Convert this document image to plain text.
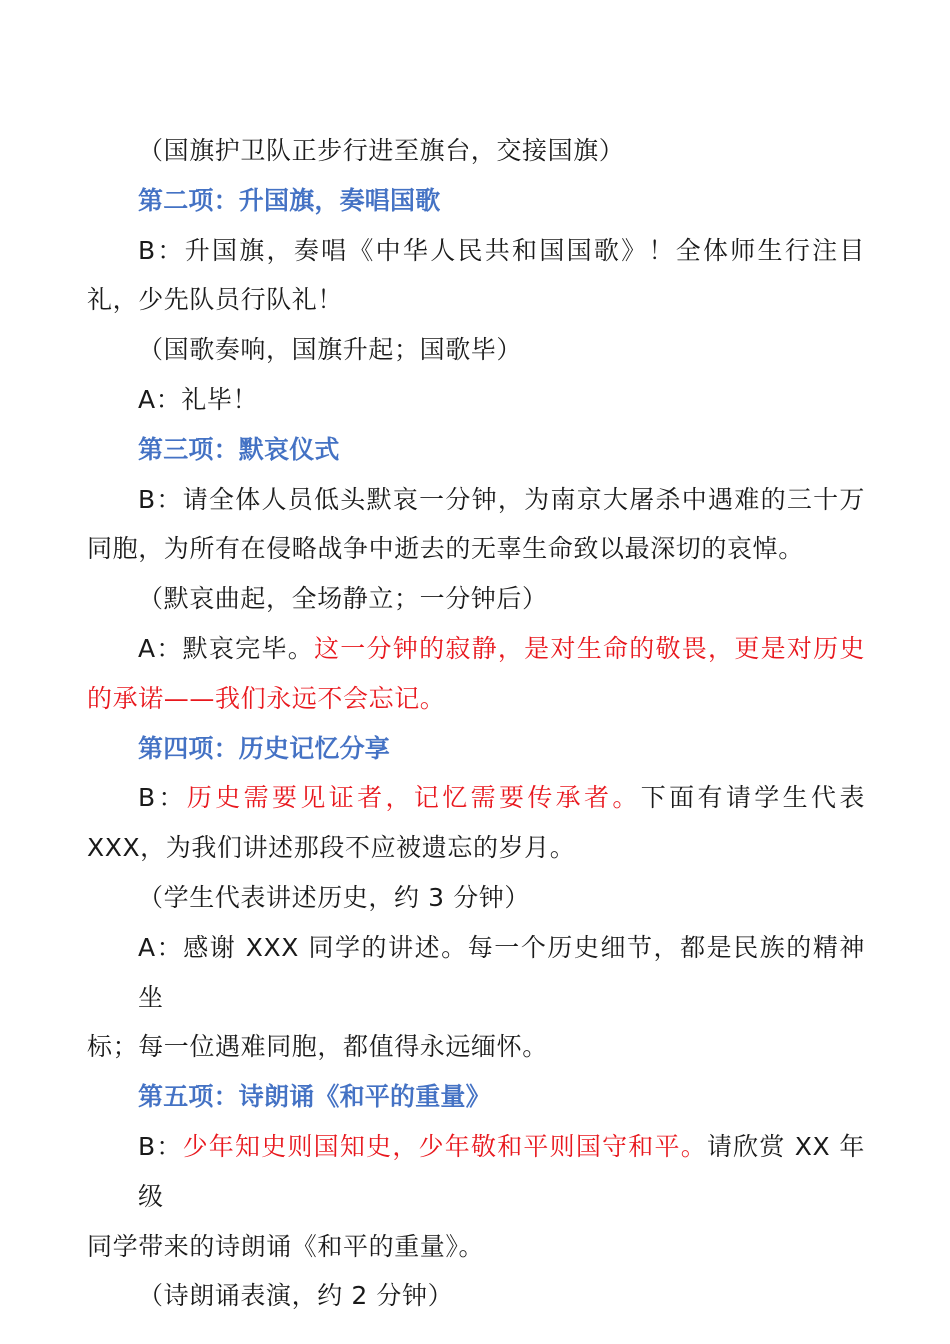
（国旗护卫队正步行进至旗台，交接国旗）

第二项：升国旗，奏唱国歌

B：升国旗，奏唱《中华人民共和国国歌》！全体师生行注目

礼，少先队员行队礼！

（国歌奏响，国旗升起；国歌毕）

A：礼毕！

第三项：默哀仪式

B：请全体人员低头默哀一分钟，为南京大屠杀中遇难的三十万

同胞，为所有在侵略战争中逝去的无辜生命致以最深切的哀悼。

（默哀曲起，全场静立；一分钟后）

A：默哀完毕。这一分钟的寂静，是对生命的敬畏，更是对历史

的承诺——我们永远不会忘记。

第四项：历史记忆分享

B：历史需要见证者，记忆需要传承者。下面有请学生代表

XXX，为我们讲述那段不应被遗忘的岁月。

（学生代表讲述历史，约 3 分钟）

A：感谢 XXX 同学的讲述。每一个历史细节，都是民族的精神坐

标；每一位遇难同胞，都值得永远缅怀。

第五项：诗朗诵《和平的重量》

B：少年知史则国知史，少年敬和平则国守和平。请欣赏 XX 年级

同学带来的诗朗诵《和平的重量》。

（诗朗诵表演，约 2 分钟）
